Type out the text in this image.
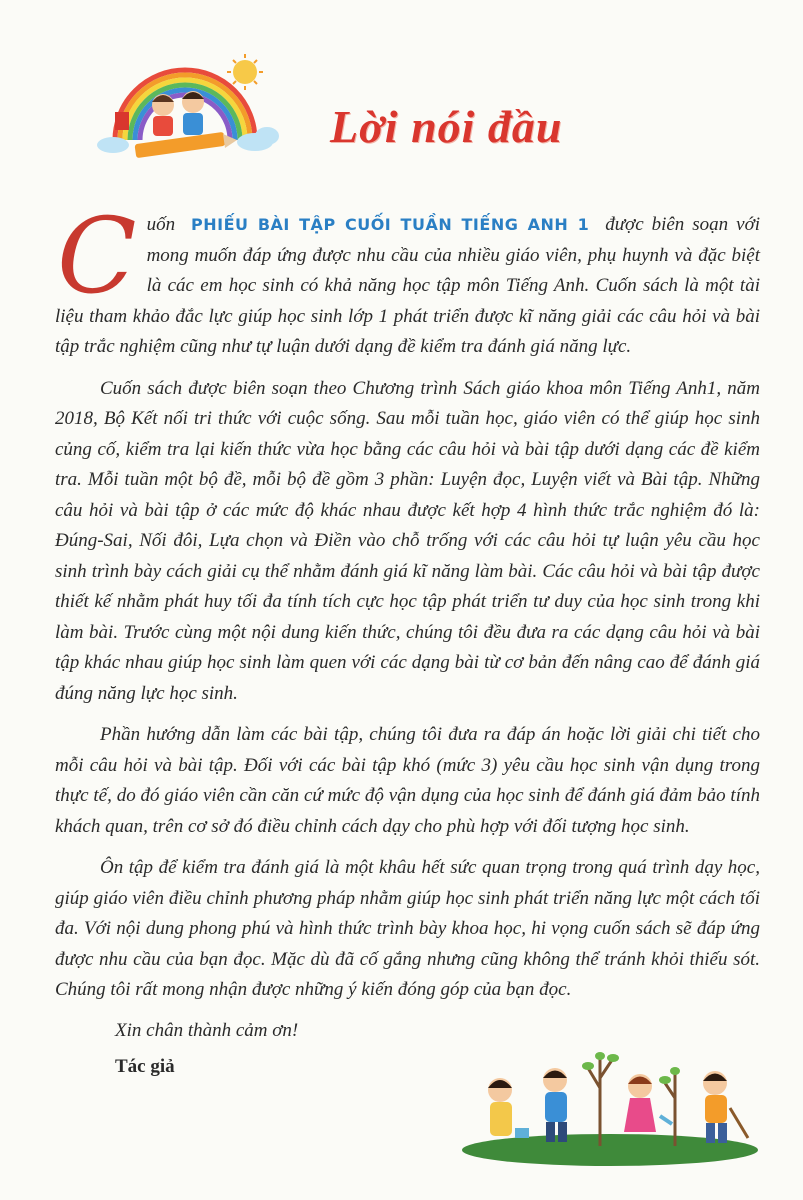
Lời nói đầu

C uốn PHIẾU BÀI TẬP CUỐI TUẦN TIẾNG ANH 1 được biên soạn với mong muốn đáp ứng được nhu cầu của nhiều giáo viên, phụ huynh và đặc biệt là các em học sinh có khả năng học tập môn Tiếng Anh. Cuốn sách là một tài liệu tham khảo đắc lực giúp học sinh lớp 1 phát triển được kĩ năng giải các câu hỏi và bài tập trắc nghiệm cũng như tự luận dưới dạng đề kiểm tra đánh giá năng lực.

Cuốn sách được biên soạn theo Chương trình Sách giáo khoa môn Tiếng Anh1, năm 2018, Bộ Kết nối tri thức với cuộc sống. Sau mỗi tuần học, giáo viên có thể giúp học sinh củng cố, kiểm tra lại kiến thức vừa học bằng các câu hỏi và bài tập dưới dạng các đề kiểm tra. Mỗi tuần một bộ đề, mỗi bộ đề gồm 3 phần: Luyện đọc, Luyện viết và Bài tập. Những câu hỏi và bài tập ở các mức độ khác nhau được kết hợp 4 hình thức trắc nghiệm đó là: Đúng-Sai, Nối đôi, Lựa chọn và Điền vào chỗ trống với các câu hỏi tự luận yêu cầu học sinh trình bày cách giải cụ thể nhằm đánh giá kĩ năng làm bài. Các câu hỏi và bài tập được thiết kế nhằm phát huy tối đa tính tích cực học tập phát triển tư duy của học sinh trong khi làm bài. Trước cùng một nội dung kiến thức, chúng tôi đều đưa ra các dạng câu hỏi và bài tập khác nhau giúp học sinh làm quen với các dạng bài từ cơ bản đến nâng cao để đánh giá đúng năng lực học sinh.

Phần hướng dẫn làm các bài tập, chúng tôi đưa ra đáp án hoặc lời giải chi tiết cho mỗi câu hỏi và bài tập. Đối với các bài tập khó (mức 3) yêu cầu học sinh vận dụng trong thực tế, do đó giáo viên cần căn cứ mức độ vận dụng của học sinh để đánh giá đảm bảo tính khách quan, trên cơ sở đó điều chỉnh cách dạy cho phù hợp với đối tượng học sinh.

Ôn tập để kiểm tra đánh giá là một khâu hết sức quan trọng trong quá trình dạy học, giúp giáo viên điều chỉnh phương pháp nhằm giúp học sinh phát triển năng lực một cách tối đa. Với nội dung phong phú và hình thức trình bày khoa học, hi vọng cuốn sách sẽ đáp ứng được nhu cầu của bạn đọc. Mặc dù đã cố gắng nhưng cũng không thể tránh khỏi thiếu sót. Chúng tôi rất mong nhận được những ý kiến đóng góp của bạn đọc.

Xin chân thành cảm ơn!
Tác giả
